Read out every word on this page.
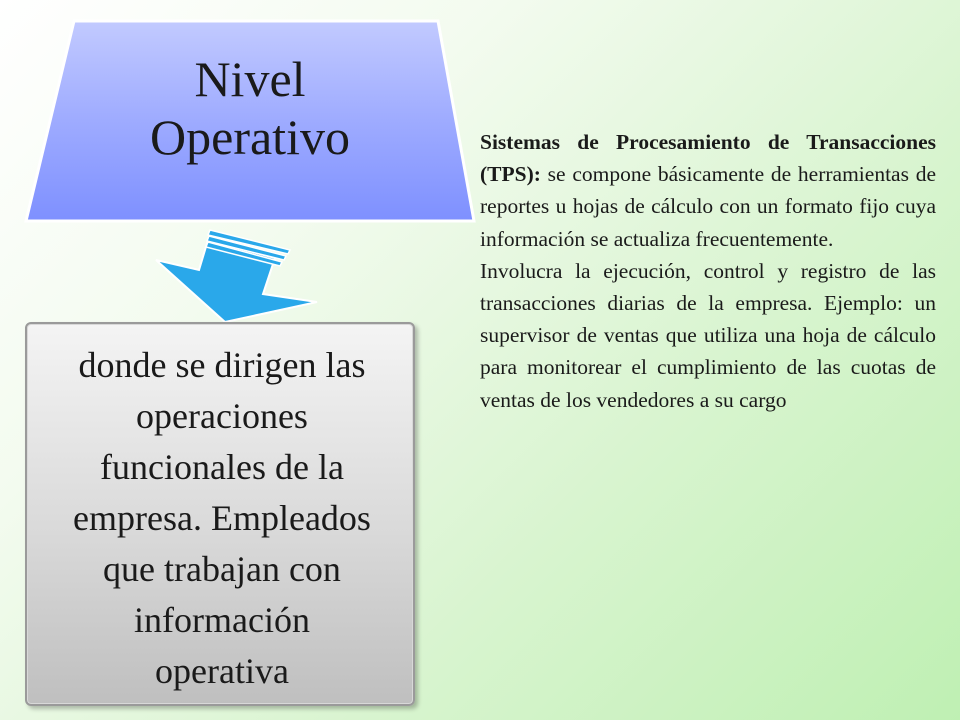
Nivel
Operativo
donde se dirigen las
operaciones
funcionales de la
empresa. Empleados
que trabajan con
información
operativa

Sistemas de Procesamiento de Transacciones (TPS): se compone básicamente de herramientas de reportes u hojas de cálculo con un formato fijo cuya información se actualiza frecuentemente.

Involucra la ejecución, control y registro de las transacciones diarias de la empresa. Ejemplo: un supervisor de ventas que utiliza una hoja de cálculo para monitorear el cumplimiento de las cuotas de ventas de los vendedores a su cargo
